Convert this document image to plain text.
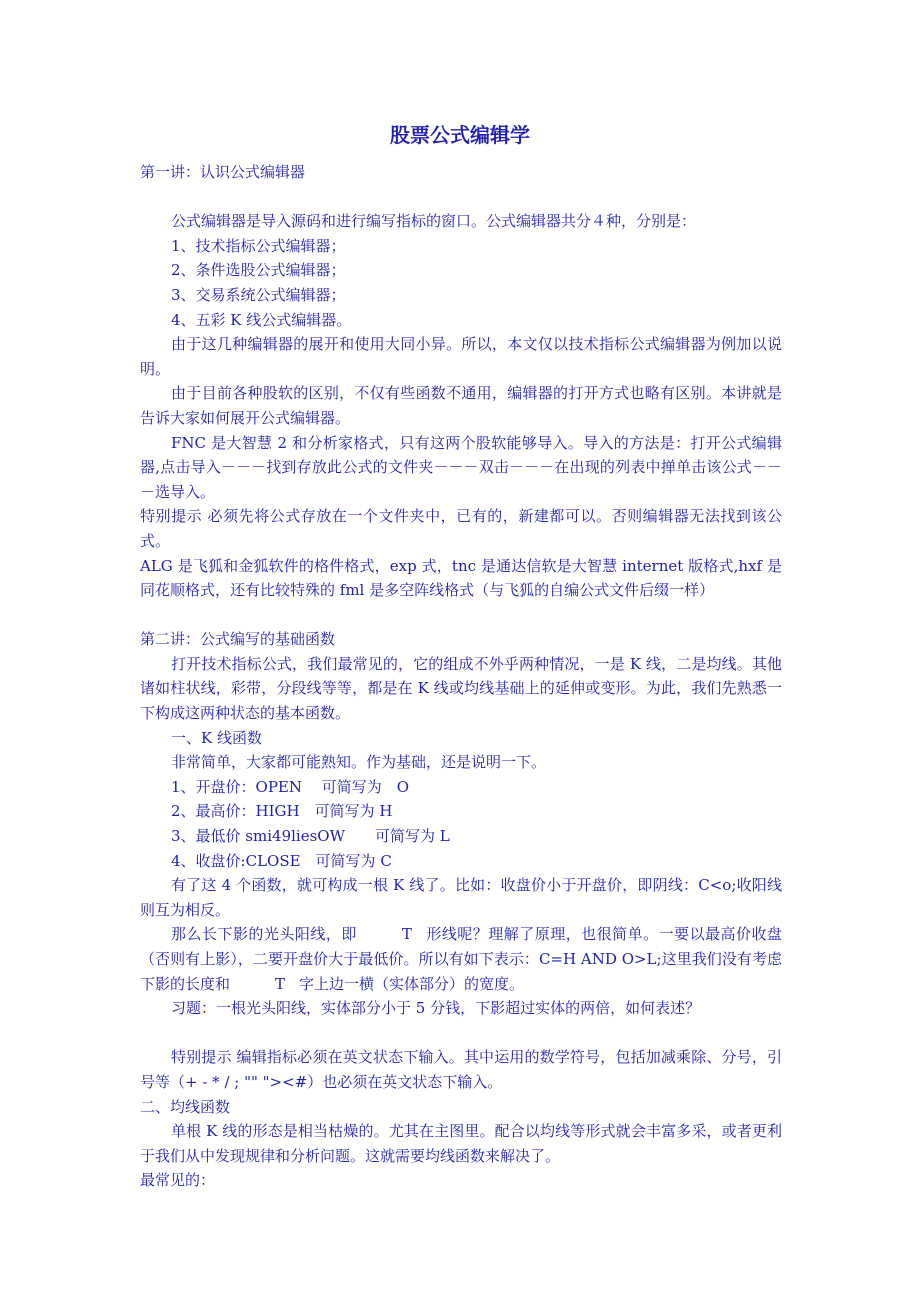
股票公式编辑学

第一讲：认识公式编辑器

公式编辑器是导入源码和进行编写指标的窗口。公式编辑器共分４种，分别是：

1、技术指标公式编辑器；

2、条件选股公式编辑器；

3、交易系统公式编辑器；

4、五彩 K 线公式编辑器。

由于这几种编辑器的展开和使用大同小异。所以，本文仅以技术指标公式编辑器为例加以说明。

由于目前各种股软的区别，不仅有些函数不通用，编辑器的打开方式也略有区别。本讲就是告诉大家如何展开公式编辑器。

FNC 是大智慧 2 和分析家格式，只有这两个股软能够导入。导入的方法是：打开公式编辑器,点击导入－－－找到存放此公式的文件夹－－－双击－－－在出现的列表中掸单击该公式－－－选导入。

特别提示 必须先将公式存放在一个文件夹中，已有的，新建都可以。否则编辑器无法找到该公式。

ALG 是飞狐和金狐软件的格件格式，exp 式，tnc 是通达信软是大智慧 internet 版格式,hxf 是同花顺格式，还有比较特殊的 fml 是多空阵线格式（与飞狐的自编公式文件后缀一样）

第二讲：公式编写的基础函数

打开技术指标公式，我们最常见的，它的组成不外乎两种情况，一是 K 线，二是均线。其他诸如柱状线，彩带，分段线等等，都是在 K 线或均线基础上的延伸或变形。为此，我们先熟悉一下构成这两种状态的基本函数。

一、K 线函数

非常简单，大家都可能熟知。作为基础，还是说明一下。

1、开盘价：OPEN　 可简写为　O

2、最高价：HIGH　可简写为 H

3、最低价 smi49liesOW　　可简写为 L

4、收盘价:CLOSE　可简写为 C

有了这 4 个函数，就可构成一根 K 线了。比如：收盘价小于开盘价，即阴线：C<o;收阳线则互为相反。

那么长下影的光头阳线，即	T 形线呢？理解了原理，也很简单。一要以最高价收盘（否则有上影），二要开盘价大于最低价。所以有如下表示：C=H AND O>L;这里我们没有考虑下影的长度和	T 字上边一横（实体部分）的宽度。

习题：一根光头阳线，实体部分小于 5 分钱，下影超过实体的两倍，如何表述？

特别提示 编辑指标必须在英文状态下输入。其中运用的数学符号，包括加减乘除、分号，引号等（+ - * / ; "" "><#）也必须在英文状态下输入。

二、均线函数

单根 K 线的形态是相当枯燥的。尤其在主图里。配合以均线等形式就会丰富多采，或者更利于我们从中发现规律和分析问题。这就需要均线函数来解决了。

最常见的：
